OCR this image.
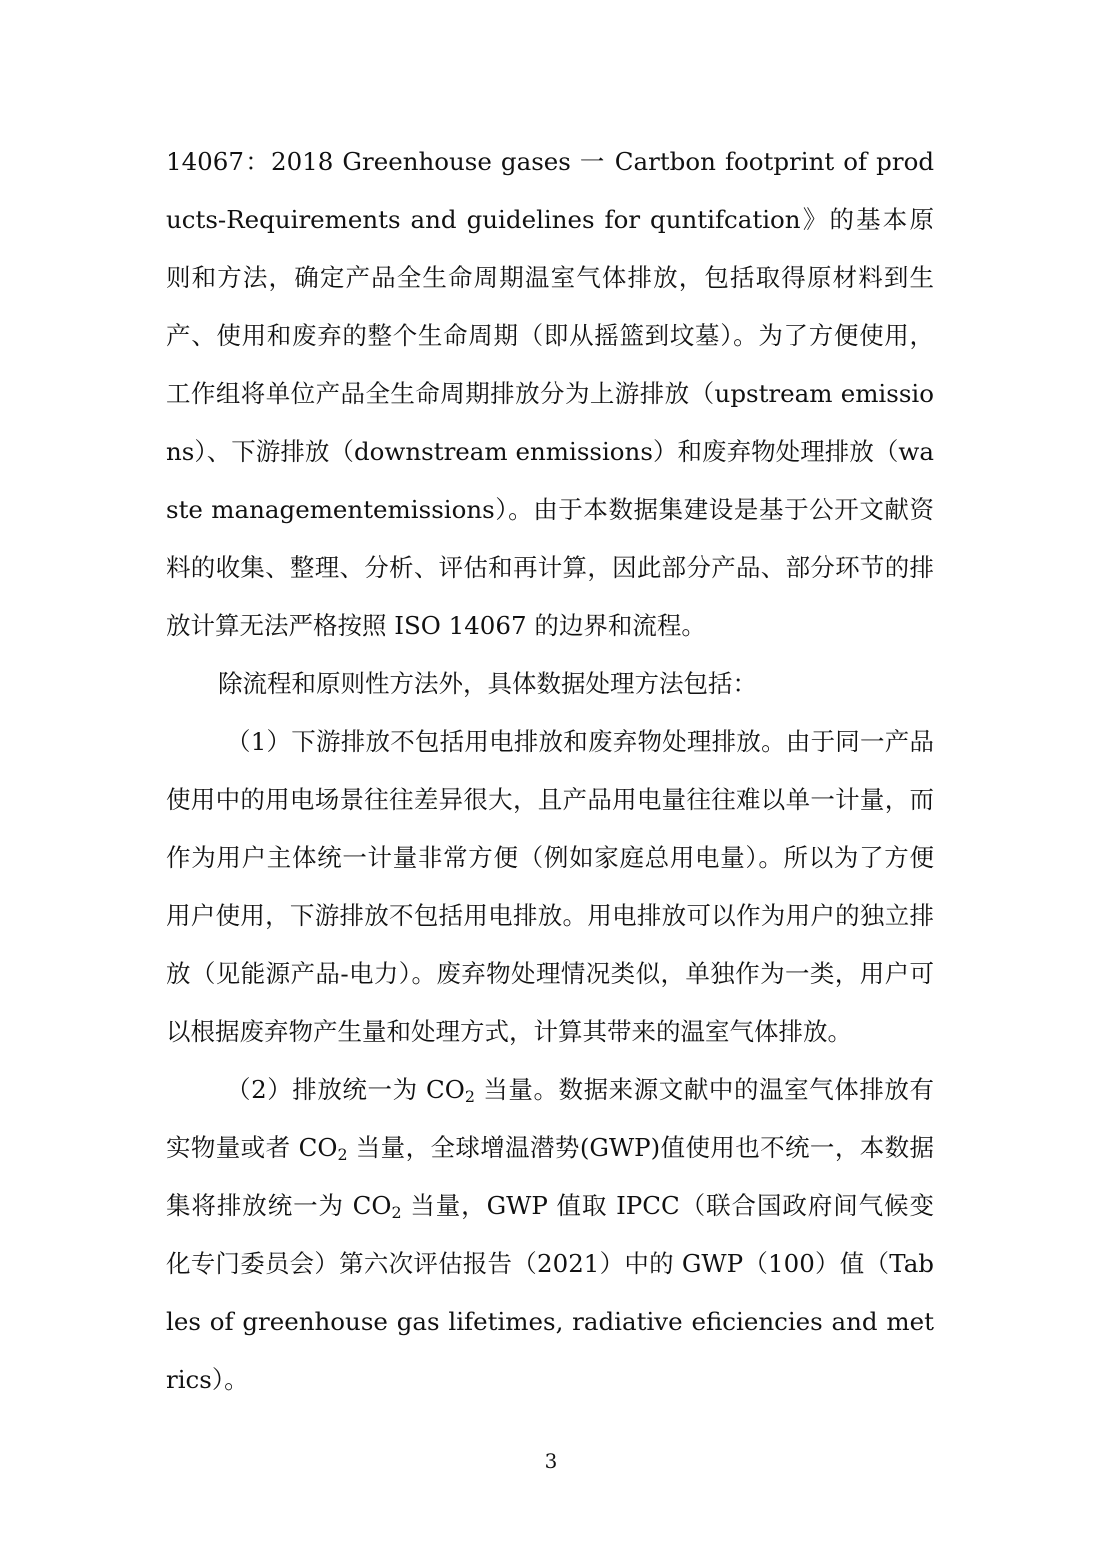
14067：2018 Greenhouse gases 一 Cartbon footprint of products-Requirements and guidelines for quntifcation》的基本原则和方法，确定产品全生命周期温室气体排放，包括取得原材料到生产、使用和废弃的整个生命周期（即从摇篮到坟墓）。为了方便使用，工作组将单位产品全生命周期排放分为上游排放（upstream emissions）、下游排放（downstream enmissions）和废弃物处理排放（waste managementemissions）。由于本数据集建设是基于公开文献资料的收集、整理、分析、评估和再计算，因此部分产品、部分环节的排放计算无法严格按照 ISO 14067 的边界和流程。

除流程和原则性方法外，具体数据处理方法包括：

（1）下游排放不包括用电排放和废弃物处理排放。由于同一产品使用中的用电场景往往差异很大，且产品用电量往往难以单一计量，而作为用户主体统一计量非常方便（例如家庭总用电量）。所以为了方便用户使用，下游排放不包括用电排放。用电排放可以作为用户的独立排放（见能源产品-电力）。废弃物处理情况类似，单独作为一类，用户可以根据废弃物产生量和处理方式，计算其带来的温室气体排放。

（2）排放统一为 $CO_2$ 当量。数据来源文献中的温室气体排放有实物量或者 $CO_2$ 当量，全球增温潜势(GWP)值使用也不统一，本数据集将排放统一为 $CO_2$ 当量，GWP 值取 IPCC（联合国政府间气候变化专门委员会）第六次评估报告（2021）中的 GWP（100）值（Tables of greenhouse gas lifetimes, radiative eficiencies and metrics）。

3
